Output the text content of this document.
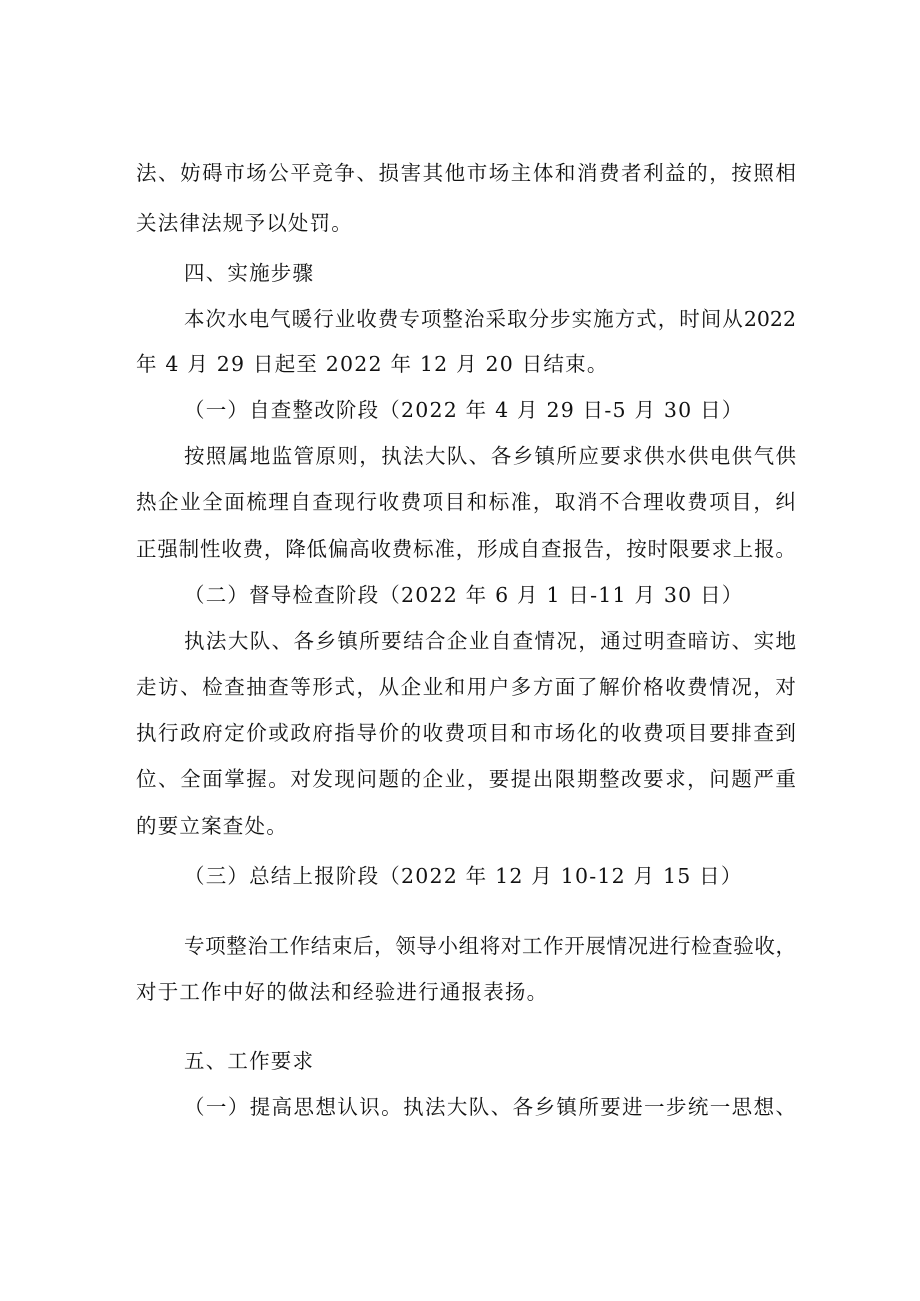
法 、 妨 碍 市 场 公 平 竞 争 、 损 害 其 他 市 场 主 体 和 消 费 者 利 益 的 ， 按 照 相
关法律法规予以处罚。
四、实施步骤
本 次 水 电 气 暖 行 业 收 费 专 项 整 治 采 取 分 步 实 施 方 式 ， 时 间 从 2022
年 4 月 29 日起至 2022 年 12 月 20 日结束。
（一）自查整改阶段（2022 年 4 月 29 日-5 月 30 日）
按 照 属 地 监 管 原 则 ， 执 法 大 队 、 各 乡 镇 所 应 要 求 供 水 供 电 供 气 供
热 企 业 全 面 梳 理 自 查 现 行 收 费 项 目 和 标 准 ， 取 消 不 合 理 收 费 项 目 ， 纠
正 强 制 性 收 费 ， 降 低 偏 高 收 费 标 准 ， 形 成 自 查 报 告 ， 按 时 限 要 求 上 报 。
（二）督导检查阶段（2022 年 6 月 1 日-11 月 30 日）
执 法 大 队 、 各 乡 镇 所 要 结 合 企 业 自 查 情 况 ， 通 过 明 查 暗 访 、 实 地
走 访 、 检 查 抽 查 等 形 式 ， 从 企 业 和 用 户 多 方 面 了 解 价 格 收 费 情 况 ， 对
执 行 政 府 定 价 或 政 府 指 导 价 的 收 费 项 目 和 市 场 化 的 收 费 项 目 要 排 查 到
位 、 全 面 掌 握 。 对 发 现 问 题 的 企 业 ， 要 提 出 限 期 整 改 要 求 ， 问 题 严 重
的要立案查处。
（三）总结上报阶段（2022 年 12 月 10-12 月 15 日）
专 项 整 治 工 作 结 束 后 ， 领 导 小 组 将 对 工 作 开 展 情 况 进 行 检 查 验 收 ，
对于工作中好的做法和经验进行通报表扬。
五、工作要求
（ 一 ） 提 高 思 想 认 识 。 执 法 大 队 、 各 乡 镇 所 要 进 一 步 统 一 思 想 、
